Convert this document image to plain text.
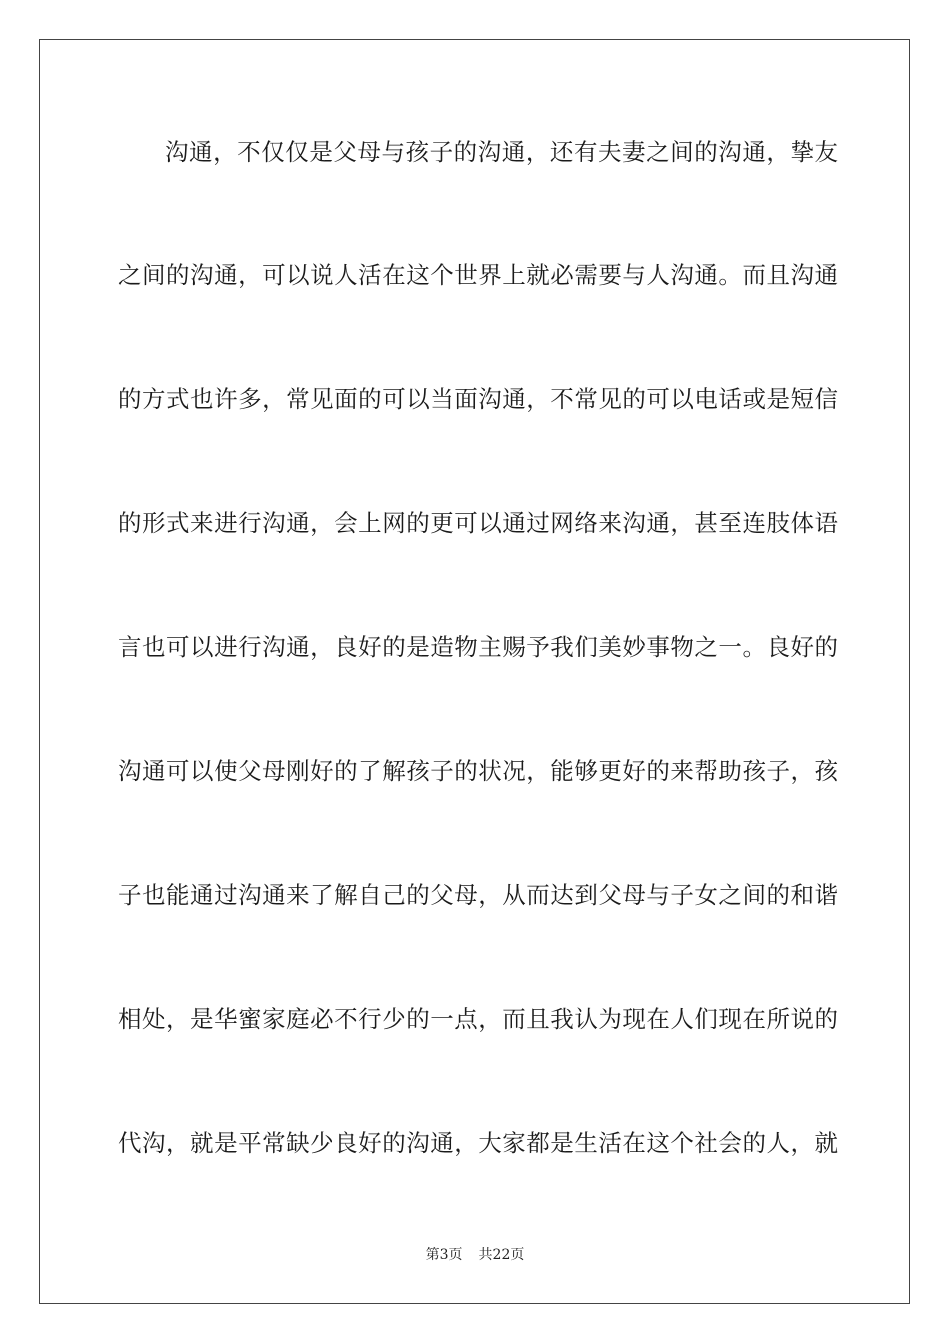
沟通，不仅仅是父母与孩子的沟通，还有夫妻之间的沟通，挚友
之间的沟通，可以说人活在这个世界上就必需要与人沟通。而且沟通
的方式也许多，常见面的可以当面沟通，不常见的可以电话或是短信
的形式来进行沟通，会上网的更可以通过网络来沟通，甚至连肢体语
言也可以进行沟通，良好的是造物主赐予我们美妙事物之一。良好的
沟通可以使父母刚好的了解孩子的状况，能够更好的来帮助孩子，孩
子也能通过沟通来了解自己的父母，从而达到父母与子女之间的和谐
相处，是华蜜家庭必不行少的一点，而且我认为现在人们现在所说的
代沟，就是平常缺少良好的沟通，大家都是生活在这个社会的人，就
第3页 共22页
